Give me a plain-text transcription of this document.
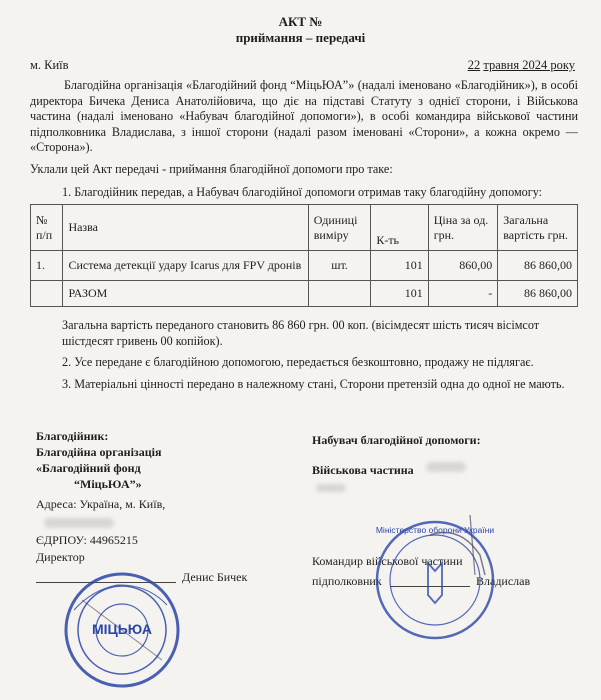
АКТ №
приймання – передачі
м. Київ	22 травня 2024 року
Благодійна організація «Благодійний фонд “МіцьЮА”» (надалі іменовано «Благодійник»), в особі директора Бичека Дениса Анатолійовича, що діє на підставі Статуту з однієї сторони, і Військова частина (надалі іменовано «Набувач благодійної допомоги»), в особі командира військової частини підполковника Владислава, з іншої сторони (надалі разом іменовані «Сторони», а кожна окремо — «Сторона»).
Уклали цей Акт передачі - приймання благодійної допомоги про таке:
1. Благодійник передав, а Набувач благодійної допомоги отримав таку благодійну допомогу:
№ п/п	Назва	Одиниці виміру	К-ть	Ціна за од. грн.	Загальна вартість грн.
1.	Система детекції удару Icarus для FPV дронів	шт.	101	860,00	86 860,00
	РАЗОМ		101	-	86 860,00
Загальна вартість переданого становить 86 860 грн. 00 коп. (вісімдесят шість тисяч вісімсот шістдесят гривень 00 копійок).
2. Усе передане є благодійною допомогою, передається безкоштовно, продажу не підлягає.
3. Матеріальні цінності передано в належному стані, Сторони претензій одна до одної не мають.
Благодійник:
Благодійна організація
«Благодійний фонд
“МіцьЮА”»
Адреса: Україна, м. Київ,
ЄДРПОУ: 44965215
Директор
Денис Бичек
МІЦЬЮА
Набувач благодійної допомоги:
Військова частина
Командир військової частини
підполковник	Владислав
Міністерство оборони України
